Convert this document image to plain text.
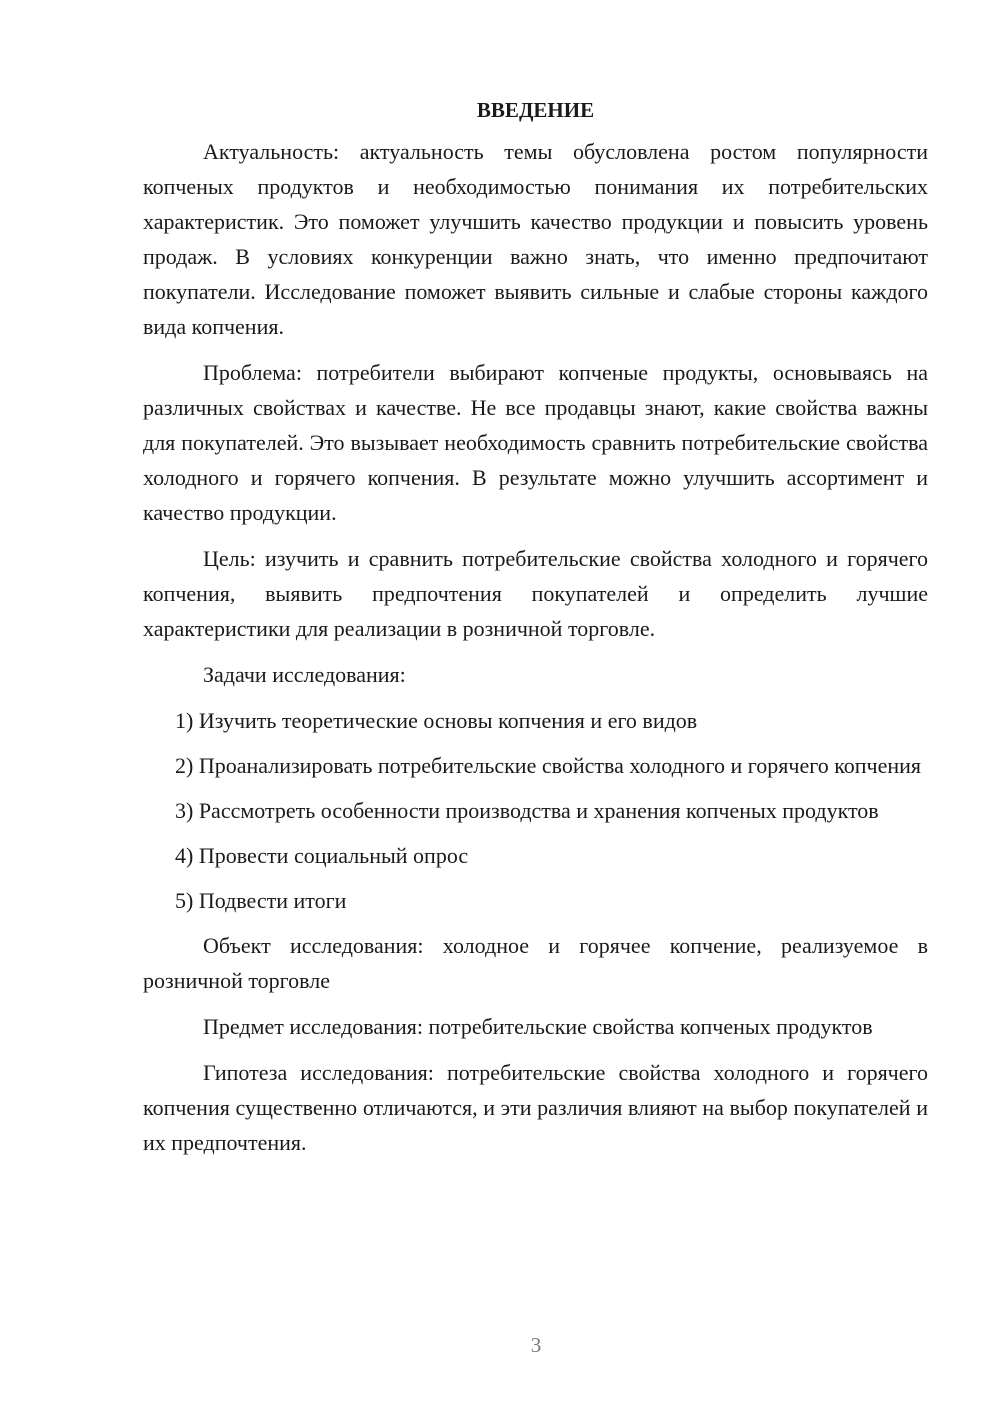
ВВЕДЕНИЕ

Актуальность: актуальность темы обусловлена ростом популярности копченых продуктов и необходимостью понимания их потребительских характеристик. Это поможет улучшить качество продукции и повысить уровень продаж. В условиях конкуренции важно знать, что именно предпочитают покупатели. Исследование поможет выявить сильные и слабые стороны каждого вида копчения.

Проблема: потребители выбирают копченые продукты, основываясь на различных свойствах и качестве. Не все продавцы знают, какие свойства важны для покупателей. Это вызывает необходимость сравнить потребительские свойства холодного и горячего копчения. В результате можно улучшить ассортимент и качество продукции.

Цель: изучить и сравнить потребительские свойства холодного и горячего копчения, выявить предпочтения покупателей и определить лучшие характеристики для реализации в розничной торговле.

Задачи исследования:

1) Изучить теоретические основы копчения и его видов

2) Проанализировать потребительские свойства холодного и горячего копчения

3) Рассмотреть особенности производства и хранения копченых продуктов

4) Провести социальный опрос

5) Подвести итоги

Объект исследования: холодное и горячее копчение, реализуемое в розничной торговле

Предмет исследования: потребительские свойства копченых продуктов

Гипотеза исследования: потребительские свойства холодного и горячего копчения существенно отличаются, и эти различия влияют на выбор покупателей и их предпочтения.

3
